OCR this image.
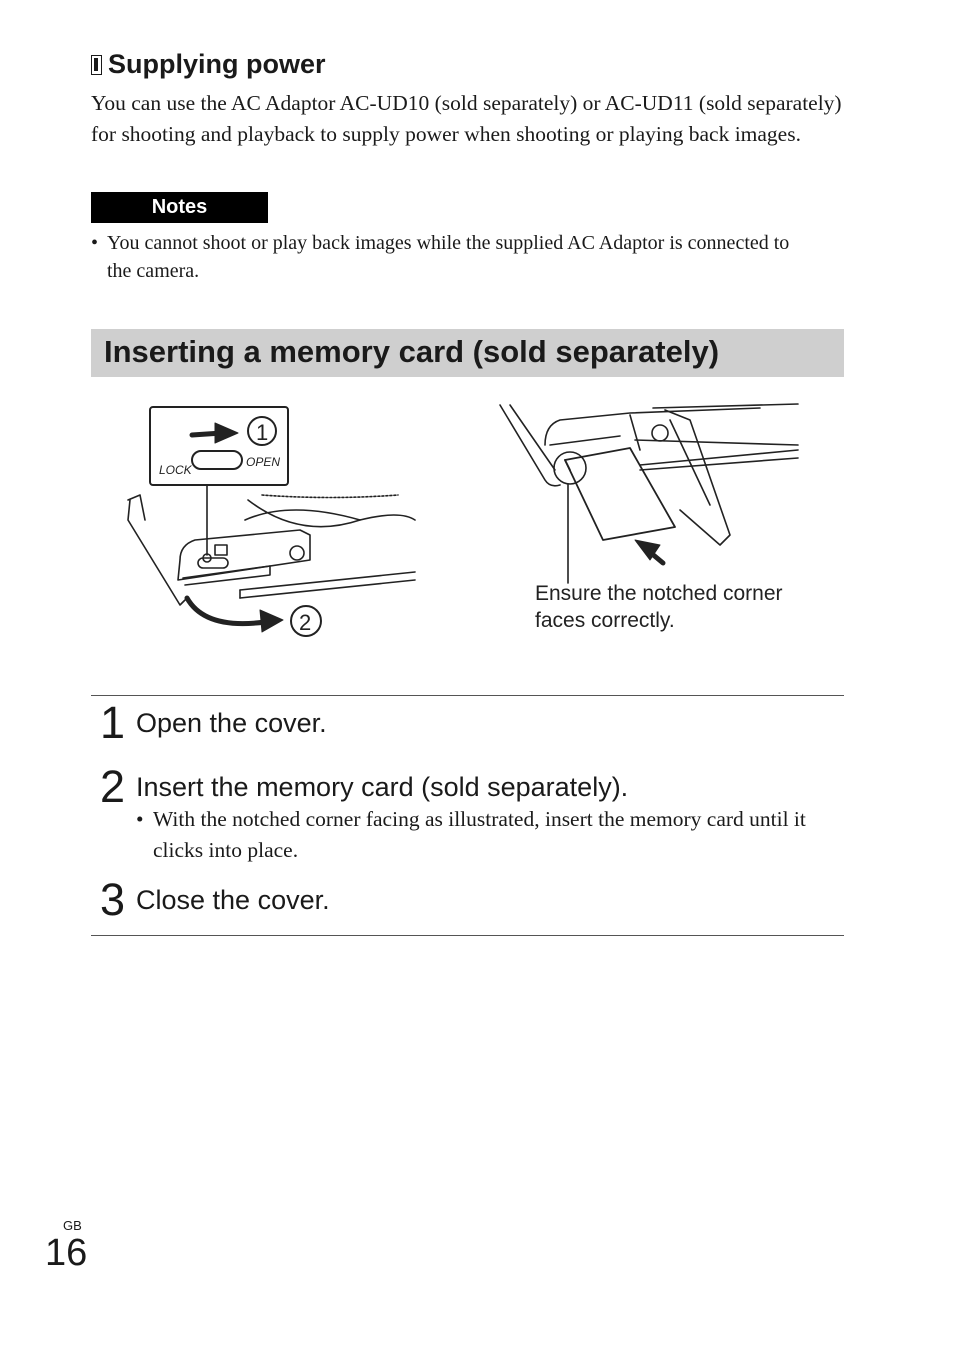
Supplying power
You can use the AC Adaptor AC-UD10 (sold separately) or AC-UD11 (sold separately) for shooting and playback to supply power when shooting or playing back images.
Notes
• You cannot shoot or play back images while the supplied AC Adaptor is connected to the camera.
Inserting a memory card (sold separately)
LOCK
OPEN
1
2
Ensure the notched corner
faces correctly.
1 Open the cover.
2 Insert the memory card (sold separately).
• With the notched corner facing as illustrated, insert the memory card until it clicks into place.
3 Close the cover.
GB
16
